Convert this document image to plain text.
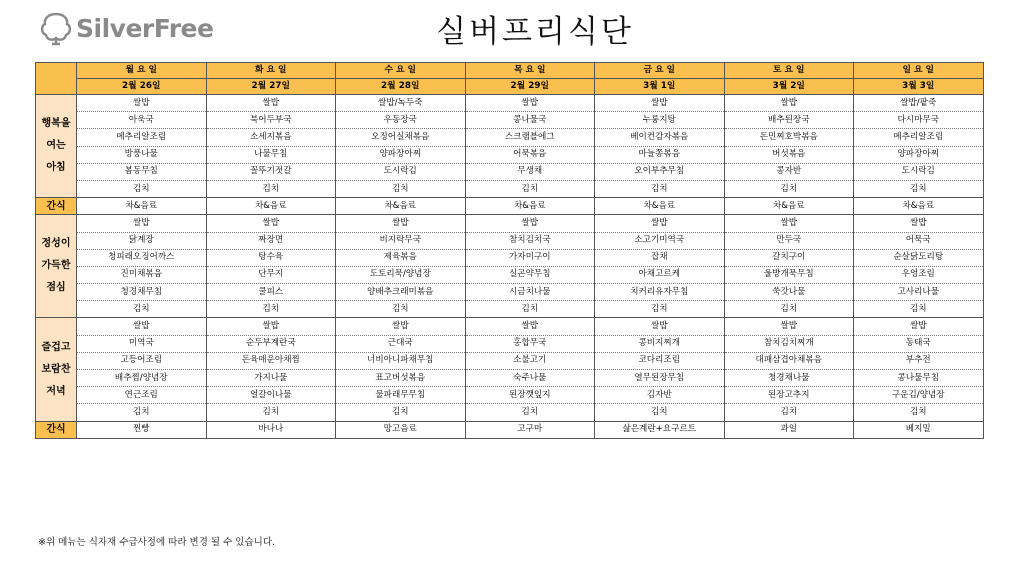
SilverFree	실버프리식단
	월 요 일	화 요 일	수 요 일	목 요 일	금 요 일	토 요 일	일 요 일
	2월 26일	2월 27일	2월 28일	2월 29일	3월 1일	3월 2일	3월 3일

행복을
여는
아침	쌀밥	쌀밥	쌀밥/녹두죽	쌀밥	쌀밥	쌀밥	쌀밥/팥죽
	아욱국	북어두부국	우동장국	콩나물국	누룽지탕	배추된장국	다시마무국
	메추리알조림	소세지볶음	오징어실채볶음	스크램블에그	베이컨감자볶음	돈민찌호박볶음	메추리알조림
	방풍나물	나물무침	양파장아찌	어묵볶음	마늘쫑볶음	버섯볶음	양파장아찌
	봄동무침	꼴뚜기젓갈	도시락김	무생채	오이부추무침	콩자반	도시락김
	김치	김치	김치	김치	김치	김치	김치
간식	차&음료	차&음료	차&음료	차&음료	차&음료	차&음료	차&음료

정성이
가득한
점심	쌀밥	쌀밥	쌀밥	쌀밥	쌀밥	쌀밥	쌀밥
	닭계장	짜장면	비지락무국	참치김치국	소고기미역국	만두국	어묵국
	청피래오징어까스	탕수육	제육볶음	가자미구이	잡채	갈치구이	순살닭도리탕
	진미채볶음	단무지	도토리묵/양념장	실곤약무침	아채고르케	울방개묵무침	우엉조림
	청경채무침	쿨피스	양배추크래미볶음	시금치나물	치커리유자무침	쑥갓나물	고사리나물
	김치	김치	김치	김치	김치	김치	김치

즐겁고
보람찬
저녁	쌀밥	쌀밥	쌀밥	쌀밥	쌀밥	쌀밥	쌀밥
	미역국	순두부계란국	근대국	홍합무국	콩비지찌개	참치김치찌개	동태국
	고등어조림	돈육매운아채찜	너비아니파채무침	소불고기	코다리조림	대패삼겹아채볶음	부추전
	배추찜/양념장	가지나물	표고버섯볶음	숙주나물	열무된장무침	청경채나물	콩나물무침
	연근조림	얼갈이나물	물파래무무침	된장깻잎지	김자반	된장고추지	구운김/양념장
	김치	김치	김치	김치	김치	김치	김치
간식	찐빵	바나나	망고음료	고구마	삶은계란+요구르트	과일	베지밀
※위 메뉴는 식자재 수급사정에 따라 변경 될 수 있습니다.
